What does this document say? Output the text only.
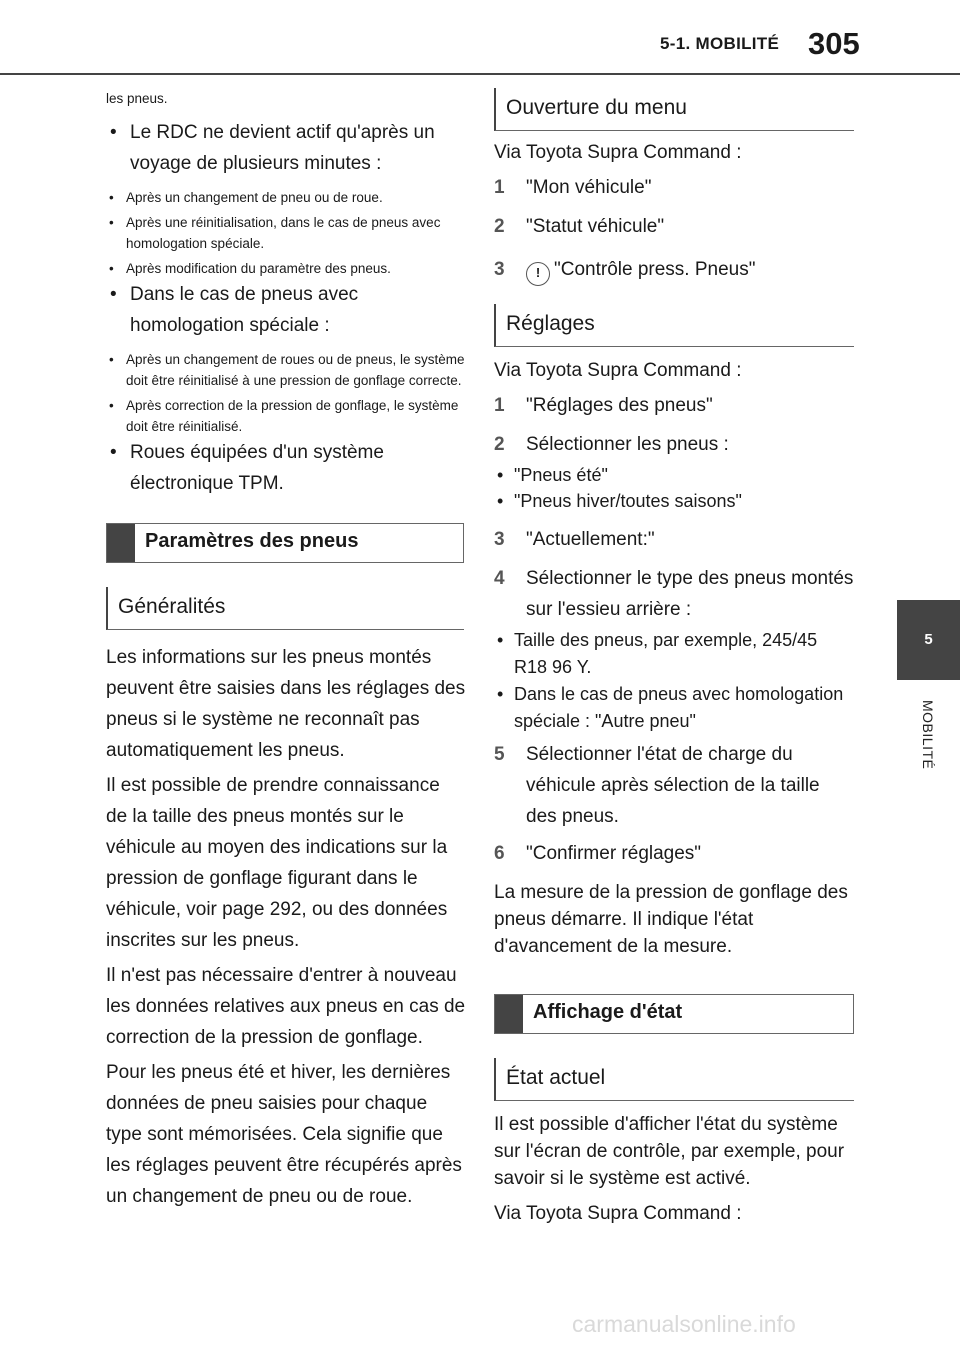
5-1. MOBILITÉ 305
5
MOBILITÉ
les pneus.
• Le RDC ne devient actif qu'après un voyage de plusieurs minutes :
• Après un changement de pneu ou de roue.
• Après une réinitialisation, dans le cas de pneus avec homologation spéciale.
• Après modification du paramètre des pneus.
• Dans le cas de pneus avec homologation spéciale :
• Après un changement de roues ou de pneus, le système doit être réinitialisé à une pression de gonflage correcte.
• Après correction de la pression de gonflage, le système doit être réinitialisé.
• Roues équipées d'un système électronique TPM.
Paramètres des pneus
Généralités
Les informations sur les pneus montés peuvent être saisies dans les réglages des pneus si le système ne reconnaît pas automatiquement les pneus.
Il est possible de prendre connaissance de la taille des pneus montés sur le véhicule au moyen des indications sur la pression de gonflage figurant dans le véhicule, voir page 292, ou des données inscrites sur les pneus.
Il n'est pas nécessaire d'entrer à nouveau les données relatives aux pneus en cas de correction de la pression de gonflage.
Pour les pneus été et hiver, les dernières données de pneu saisies pour chaque type sont mémorisées. Cela signifie que les réglages peuvent être récupérés après un changement de pneu ou de roue.
Ouverture du menu
Via Toyota Supra Command :
1 "Mon véhicule"
2 "Statut véhicule"
3 ! "Contrôle press. Pneus"
Réglages
Via Toyota Supra Command :
1 "Réglages des pneus"
2 Sélectionner les pneus :
• "Pneus été"
• "Pneus hiver/toutes saisons"
3 "Actuellement:"
4 Sélectionner le type des pneus montés sur l'essieu arrière :
• Taille des pneus, par exemple, 245/45 R18 96 Y.
• Dans le cas de pneus avec homologation spéciale : "Autre pneu"
5 Sélectionner l'état de charge du véhicule après sélection de la taille des pneus.
6 "Confirmer réglages"
La mesure de la pression de gonflage des pneus démarre. Il indique l'état d'avancement de la mesure.
Affichage d'état
État actuel
Il est possible d'afficher l'état du système sur l'écran de contrôle, par exemple, pour savoir si le système est activé.
Via Toyota Supra Command :
carmanualsonline.info
